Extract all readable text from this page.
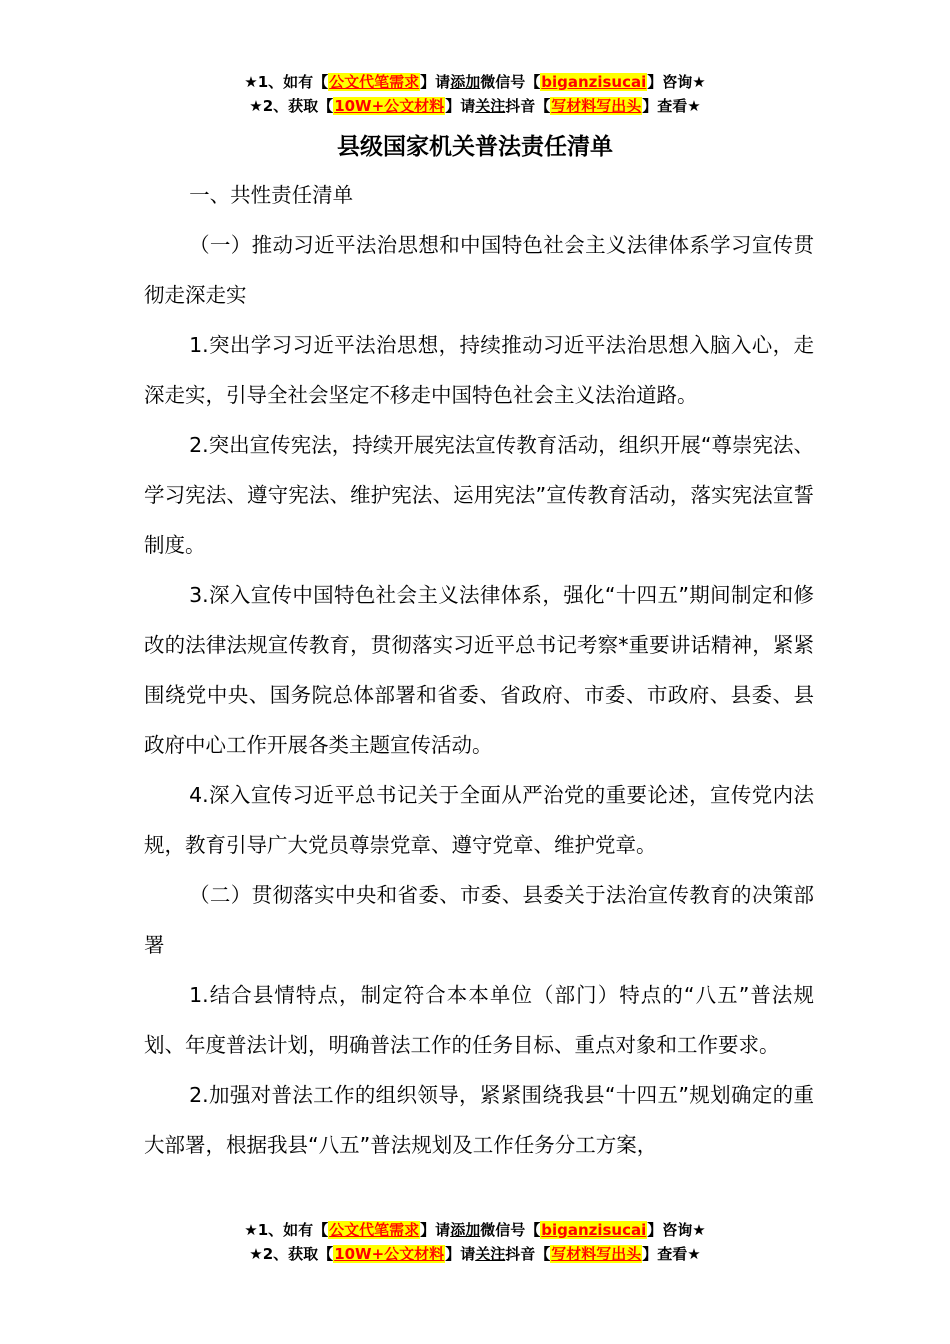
★1、如有【公文代笔需求】请添加微信号【biganzisucai】咨询★
★2、获取【10W+公文材料】请关注抖音【写材料写出头】查看★
县级国家机关普法责任清单

一、共性责任清单

（一）推动习近平法治思想和中国特色社会主义法律体系学习宣传贯彻走深走实

1.突出学习习近平法治思想，持续推动习近平法治思想入脑入心，走深走实，引导全社会坚定不移走中国特色社会主义法治道路。

2.突出宣传宪法，持续开展宪法宣传教育活动，组织开展“尊崇宪法、学习宪法、遵守宪法、维护宪法、运用宪法”宣传教育活动，落实宪法宣誓制度。

3.深入宣传中国特色社会主义法律体系，强化“十四五”期间制定和修改的法律法规宣传教育，贯彻落实习近平总书记考察*重要讲话精神，紧紧围绕党中央、国务院总体部署和省委、省政府、市委、市政府、县委、县政府中心工作开展各类主题宣传活动。

4.深入宣传习近平总书记关于全面从严治党的重要论述，宣传党内法规，教育引导广大党员尊崇党章、遵守党章、维护党章。

（二）贯彻落实中央和省委、市委、县委关于法治宣传教育的决策部署

1.结合县情特点，制定符合本本单位（部门）特点的“八五”普法规划、年度普法计划，明确普法工作的任务目标、重点对象和工作要求。

2.加强对普法工作的组织领导，紧紧围绕我县“十四五”规划确定的重大部署，根据我县“八五”普法规划及工作任务分工方案，

★1、如有【公文代笔需求】请添加微信号【biganzisucai】咨询★
★2、获取【10W+公文材料】请关注抖音【写材料写出头】查看★
